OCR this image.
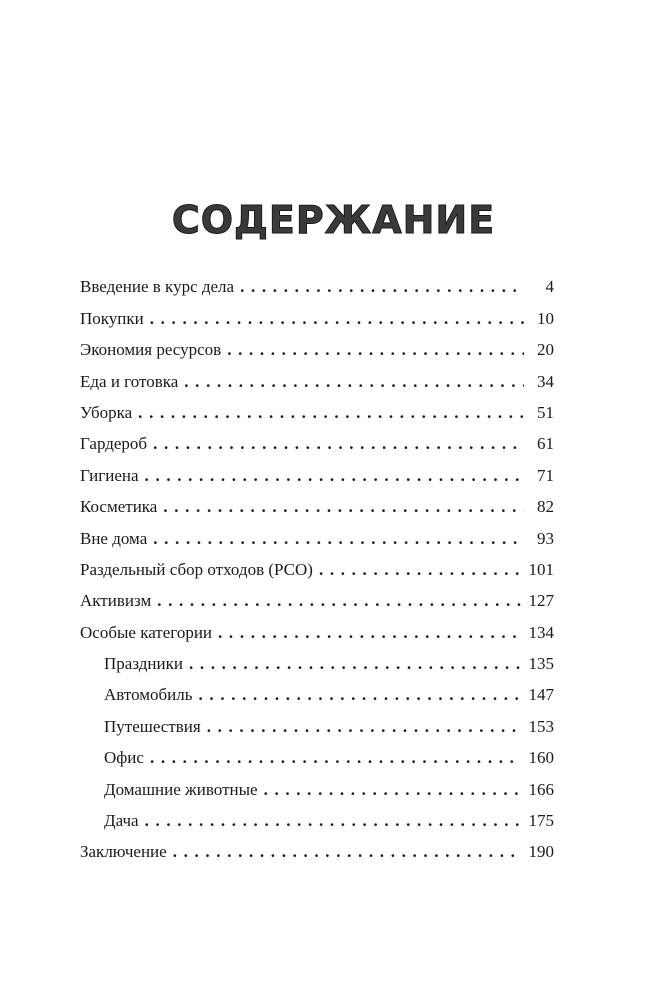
СОДЕРЖАНИЕ
Введение в курс дела . . .	4
Покупки . . .	10
Экономия ресурсов . . .	20
Еда и готовка . . .	34
Уборка . . .	51
Гардероб . . .	61
Гигиена . . .	71
Косметика . . .	82
Вне дома . . .	93
Раздельный сбор отходов (РСО) . . .	101
Активизм . . .	127
Особые категории . . .	134
Праздники . . .	135
Автомобиль . . .	147
Путешествия . . .	153
Офис . . .	160
Домашние животные . . .	166
Дача . . .	175
Заключение . . .	190
